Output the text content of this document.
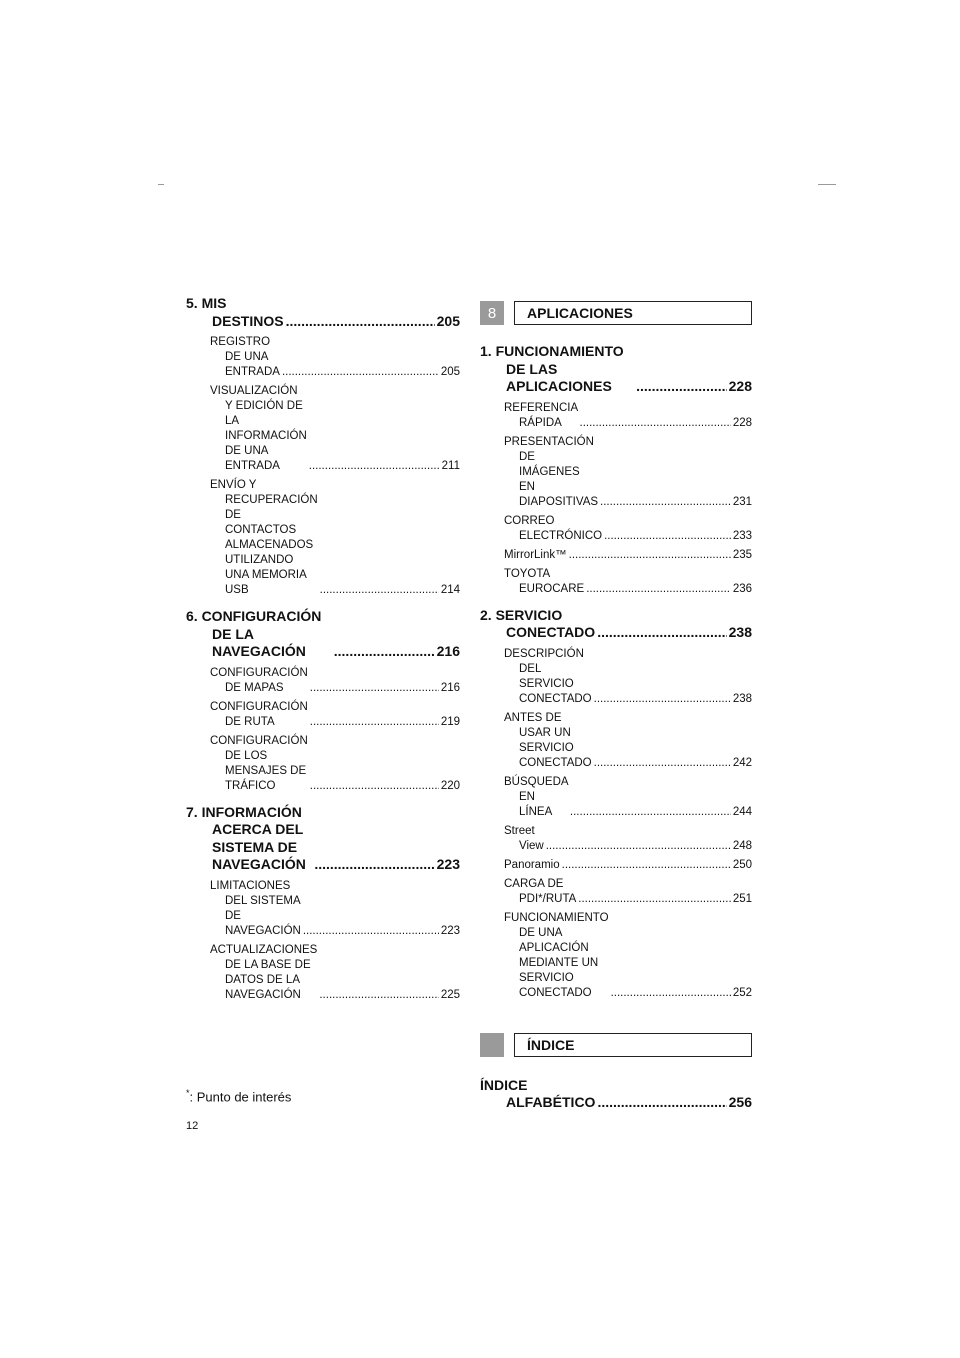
5. MIS DESTINOS .....	205
REGISTRO DE UNA ENTRADA .....	205
VISUALIZACIÓN Y EDICIÓN DE LA
INFORMACIÓN DE UNA
ENTRADA .....	211
ENVÍO Y RECUPERACIÓN DE
CONTACTOS ALMACENADOS
UTILIZANDO UNA MEMORIA
USB .....	214
6. CONFIGURACIÓN DE LA
NAVEGACIÓN .....	216
CONFIGURACIÓN DE MAPAS .....	216
CONFIGURACIÓN DE RUTA .....	219
CONFIGURACIÓN DE LOS
MENSAJES DE TRÁFICO .....	220
7. INFORMACIÓN ACERCA DEL
SISTEMA DE NAVEGACIÓN .....	223
LIMITACIONES DEL SISTEMA DE
NAVEGACIÓN .....	223
ACTUALIZACIONES DE LA BASE DE
DATOS DE LA NAVEGACIÓN .....	225
8	APLICACIONES
1. FUNCIONAMIENTO DE LAS
APLICACIONES .....	228
REFERENCIA RÁPIDA .....	228
PRESENTACIÓN DE IMÁGENES EN
DIAPOSITIVAS .....	231
CORREO ELECTRÓNICO .....	233
MirrorLink™ .....	235
TOYOTA EUROCARE .....	236
2. SERVICIO CONECTADO .....	238
DESCRIPCIÓN DEL SERVICIO
CONECTADO .....	238
ANTES DE USAR UN SERVICIO
CONECTADO .....	242
BÚSQUEDA EN LÍNEA .....	244
Street View .....	248
Panoramio .....	250
CARGA DE PDI*/RUTA .....	251
FUNCIONAMIENTO DE UNA
APLICACIÓN MEDIANTE UN
SERVICIO CONECTADO .....	252
ÍNDICE
ÍNDICE ALFABÉTICO .....	256
*: Punto de interés
12
